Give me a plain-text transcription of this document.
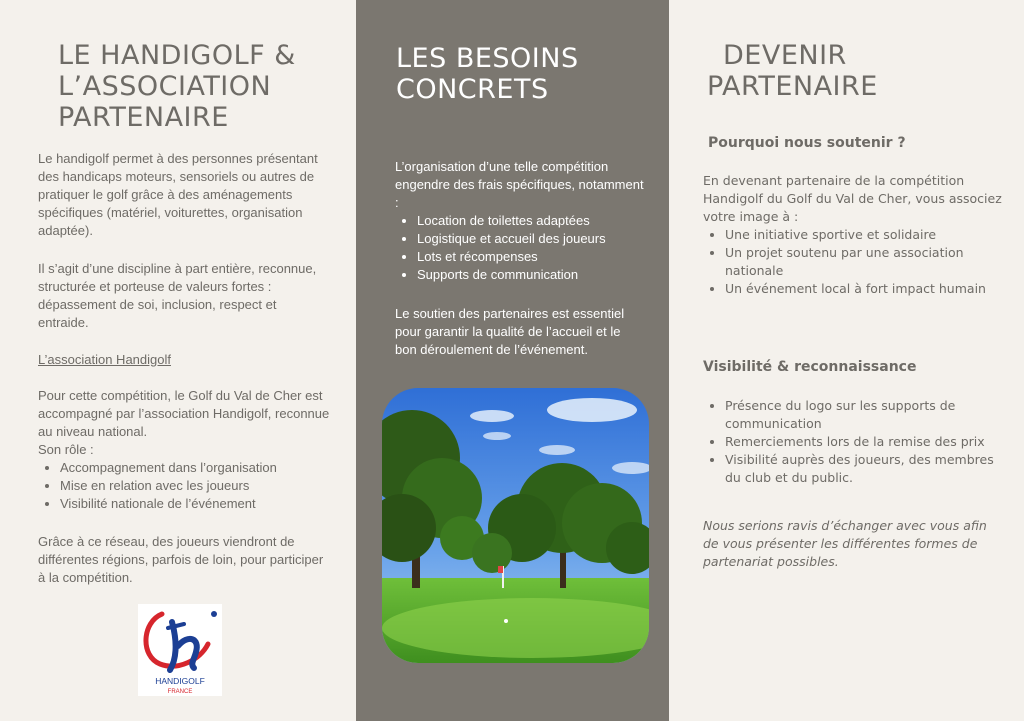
LE HANDIGOLF &
L’ASSOCIATION
PARTENAIRE

Le handigolf permet à des personnes présentant des handicaps moteurs, sensoriels ou autres de pratiquer le golf grâce à des aménagements spécifiques (matériel, voiturettes, organisation adaptée).

Il s’agit d’une discipline à part entière, reconnue, structurée et porteuse de valeurs fortes : dépassement de soi, inclusion, respect et entraide.

L’association Handigolf

Pour cette compétition, le Golf du Val de Cher est accompagné par l’association Handigolf, reconnue au niveau national.

Son rôle :

• Accompagnement dans l’organisation
• Mise en relation avec les joueurs
• Visibilité nationale de l’événement

Grâce à ce réseau, des joueurs viendront de différentes régions, parfois de loin, pour participer à la compétition.

HANDIGOLF
FRANCE
LES BESOINS
CONCRETS

L’organisation d’une telle compétition engendre des frais spécifiques, notamment :

• Location de toilettes adaptées
• Logistique et accueil des joueurs
• Lots et récompenses
• Supports de communication

Le soutien des partenaires est essentiel pour garantir la qualité de l’accueil et le bon déroulement de l’événement.

DEVENIR
PARTENAIRE
Pourquoi nous soutenir ?

En devenant partenaire de la compétition Handigolf du Golf du Val de Cher, vous associez votre image à :

• Une initiative sportive et solidaire
• Un projet soutenu par une association nationale
• Un événement local à fort impact humain
Visibilité & reconnaissance
• Présence du logo sur les supports de communication
• Remerciements lors de la remise des prix
• Visibilité auprès des joueurs, des membres du club et du public.

Nous serions ravis d’échanger avec vous afin de vous présenter les différentes formes de partenariat possibles.
